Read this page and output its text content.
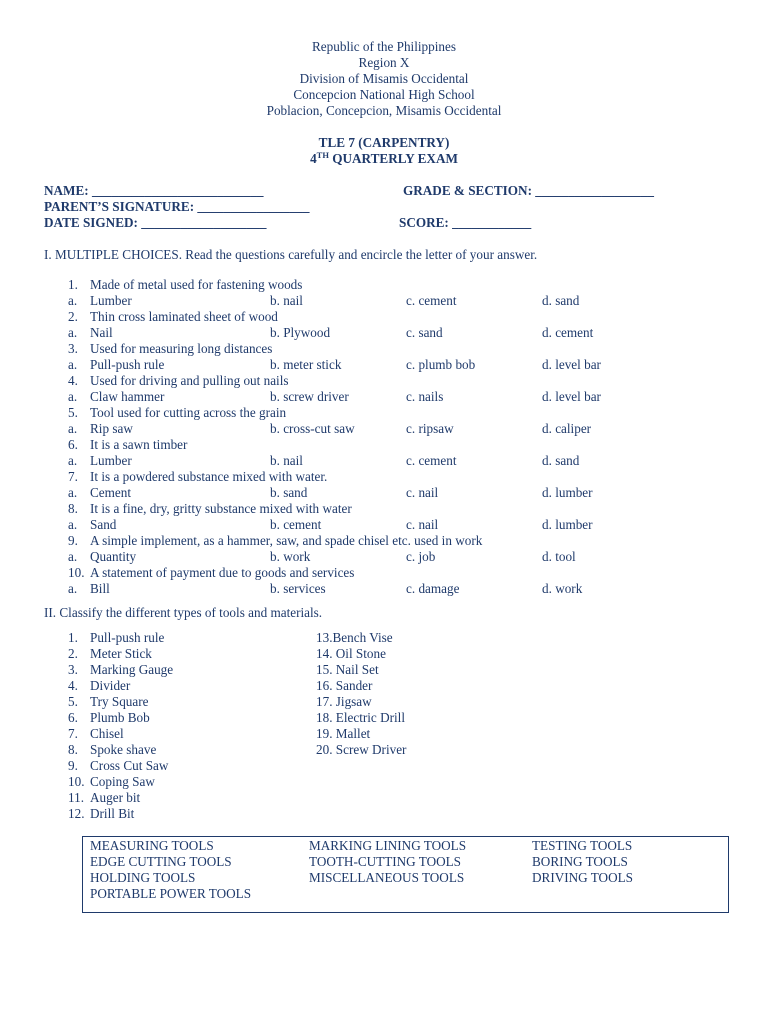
Republic of the Philippines
Region X
Division of Misamis Occidental
Concepcion National High School
Poblacion, Concepcion, Misamis Occidental
TLE 7 (CARPENTRY)
4TH QUARTERLY EXAM
NAME: __________________________	GRADE & SECTION: __________________
PARENT’S SIGNATURE: _________________
DATE SIGNED: ___________________	SCORE: ____________
I. MULTIPLE CHOICES. Read the questions carefully and encircle the letter of your answer.
1. Made of metal used for fastening woods
a. Lumber	b. nail	c. cement	d. sand
2. Thin cross laminated sheet of wood
a. Nail	b. Plywood	c. sand	d. cement
3. Used for measuring long distances
a. Pull-push rule	b. meter stick	c. plumb bob	d. level bar
4. Used for driving and pulling out nails
a. Claw hammer	b. screw driver	c. nails	d. level bar
5. Tool used for cutting across the grain
a. Rip saw	b. cross-cut saw	c. ripsaw	d. caliper
6. It is a sawn timber
a. Lumber	b. nail	c. cement	d. sand
7. It is a powdered substance mixed with water.
a. Cement	b. sand	c. nail	d. lumber
8. It is a fine, dry, gritty substance mixed with water
a. Sand	b. cement	c. nail	d. lumber
9. A simple implement, as a hammer, saw, and spade chisel etc. used in work
a. Quantity	b. work	c. job	d. tool
10. A statement of payment due to goods and services
a. Bill	b. services	c. damage	d. work
II. Classify the different types of tools and materials.
1. Pull-push rule
2. Meter Stick
3. Marking Gauge
4. Divider
5. Try Square
6. Plumb Bob
7. Chisel
8. Spoke shave
9. Cross Cut Saw
10. Coping Saw
11. Auger bit
12. Drill Bit
13.Bench Vise
14. Oil Stone
15. Nail Set
16. Sander
17. Jigsaw
18. Electric Drill
19. Mallet
20. Screw Driver
MEASURING TOOLS	MARKING LINING TOOLS	TESTING TOOLS
EDGE CUTTING TOOLS	TOOTH-CUTTING TOOLS	BORING TOOLS
HOLDING TOOLS	MISCELLANEOUS TOOLS	DRIVING TOOLS
PORTABLE POWER TOOLS
